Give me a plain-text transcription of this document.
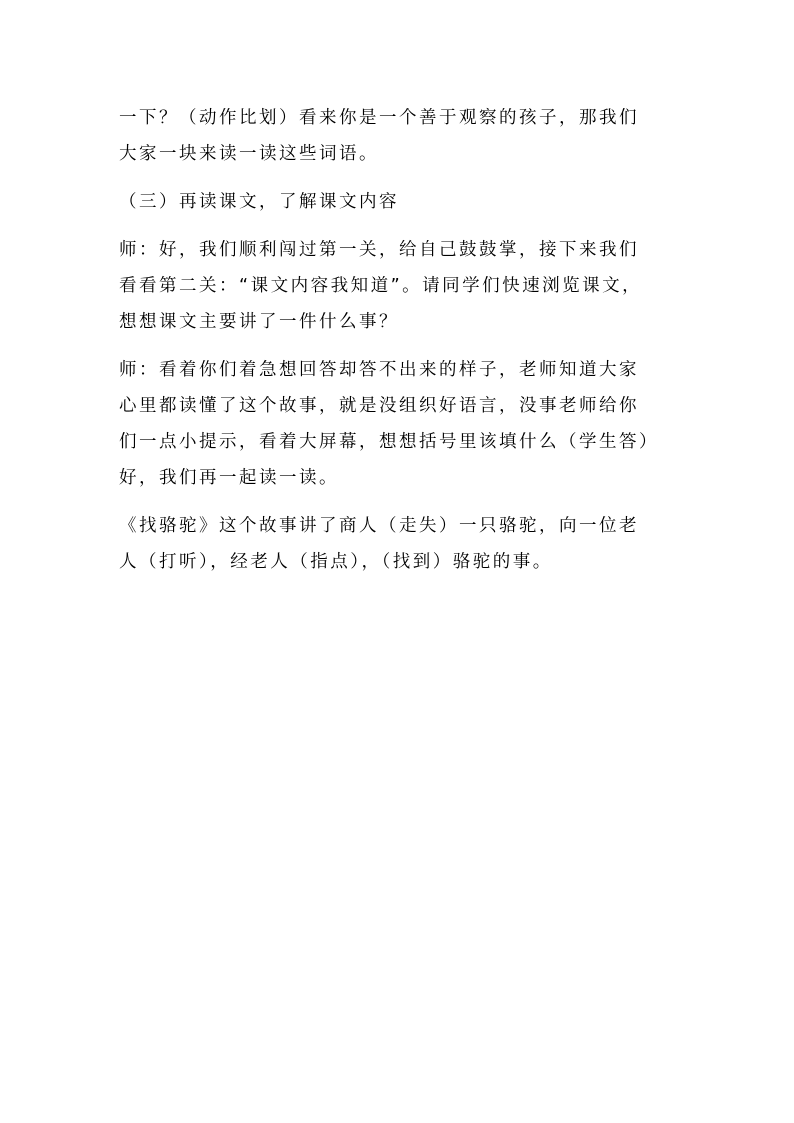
一下？（动作比划）看来你是一个善于观察的孩子，那我们
大家一块来读一读这些词语。

（三）再读课文，了解课文内容

师：好，我们顺利闯过第一关，给自己鼓鼓掌，接下来我们
看看第二关：“课文内容我知道”。请同学们快速浏览课文，
想想课文主要讲了一件什么事？

师：看着你们着急想回答却答不出来的样子，老师知道大家
心里都读懂了这个故事，就是没组织好语言，没事老师给你
们一点小提示，看着大屏幕，想想括号里该填什么（学生答）
好，我们再一起读一读。

《找骆驼》这个故事讲了商人（走失）一只骆驼，向一位老
人（打听），经老人（指点），（找到）骆驼的事。
